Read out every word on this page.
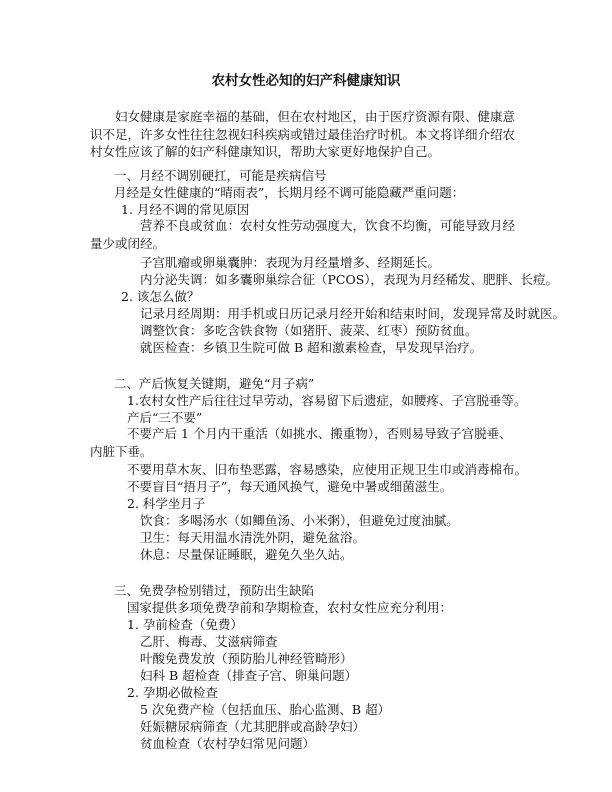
农村女性必知的妇产科健康知识

妇女健康是家庭幸福的基础，但在农村地区，由于医疗资源有限、健康意识不足，许多女性往往忽视妇科疾病或错过最佳治疗时机。本文将详细介绍农村女性应该了解的妇产科健康知识，帮助大家更好地保护自己。

一、月经不调别硬扛，可能是疾病信号
月经是女性健康的“晴雨表”，长期月经不调可能隐藏严重问题：
1. 月经不调的常见原因

营养不良或贫血：农村女性劳动强度大，饮食不均衡，可能导致月经量少或闭经。

子宫肌瘤或卵巢囊肿：表现为月经量增多、经期延长。
内分泌失调：如多囊卵巢综合征（PCOS），表现为月经稀发、肥胖、长痘。
2. 该怎么做？
记录月经周期：用手机或日历记录月经开始和结束时间，发现异常及时就医。
调整饮食：多吃含铁食物（如猪肝、菠菜、红枣）预防贫血。
就医检查：乡镇卫生院可做 B 超和激素检查，早发现早治疗。
二、产后恢复关键期，避免“月子病”
1.农村女性产后往往过早劳动，容易留下后遗症，如腰疼、子宫脱垂等。
产后“三不要”

不要产后 1 个月内干重活（如挑水、搬重物），否则易导致子宫脱垂、内脏下垂。

不要用草木灰、旧布垫恶露，容易感染，应使用正规卫生巾或消毒棉布。
不要盲目“捂月子”，每天通风换气，避免中暑或细菌滋生。
2. 科学坐月子
饮食：多喝汤水（如鲫鱼汤、小米粥），但避免过度油腻。
卫生：每天用温水清洗外阴，避免盆浴。
休息：尽量保证睡眠，避免久坐久站。
三、免费孕检别错过，预防出生缺陷
国家提供多项免费孕前和孕期检查，农村女性应充分利用：
1. 孕前检查（免费）
乙肝、梅毒、艾滋病筛查
叶酸免费发放（预防胎儿神经管畸形）
妇科 B 超检查（排查子宫、卵巢问题）
2. 孕期必做检查
5 次免费产检（包括血压、胎心监测、B 超）
妊娠糖尿病筛查（尤其肥胖或高龄孕妇）
贫血检查（农村孕妇常见问题）
